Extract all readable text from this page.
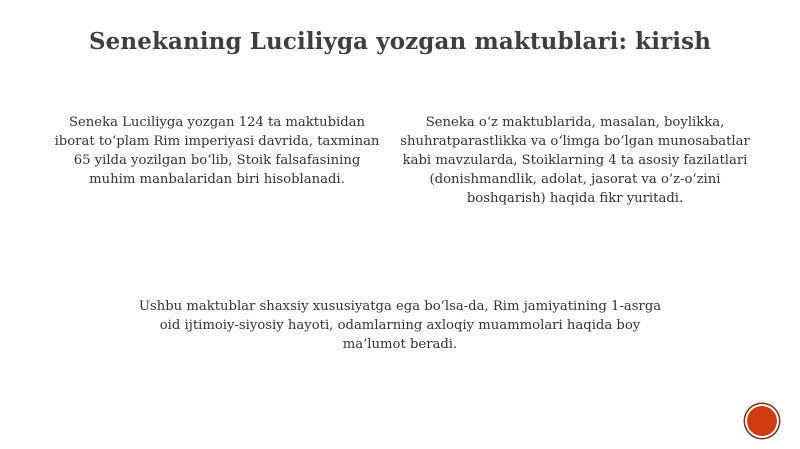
Senekaning Luciliyga yozgan maktublari: kirish
Seneka Luciliyga yozgan 124 ta maktubidan iborat to‘plam Rim imperiyasi davrida, taxminan 65 yilda yozilgan bo‘lib, Stoik falsafasining muhim manbalaridan biri hisoblanadi.
Seneka o‘z maktublarida, masalan, boylikka, shuhratparastlikka va o‘limga bo‘lgan munosabatlar kabi mavzularda, Stoiklarning 4 ta asosiy fazilatlari (donishmandlik, adolat, jasorat va o‘z-o‘zini boshqarish) haqida fikr yuritadi.
Ushbu maktublar shaxsiy xususiyatga ega bo‘lsa-da, Rim jamiyatining 1-asrga oid ijtimoiy-siyosiy hayoti, odamlarning axloqiy muammolari haqida boy ma’lumot beradi.
